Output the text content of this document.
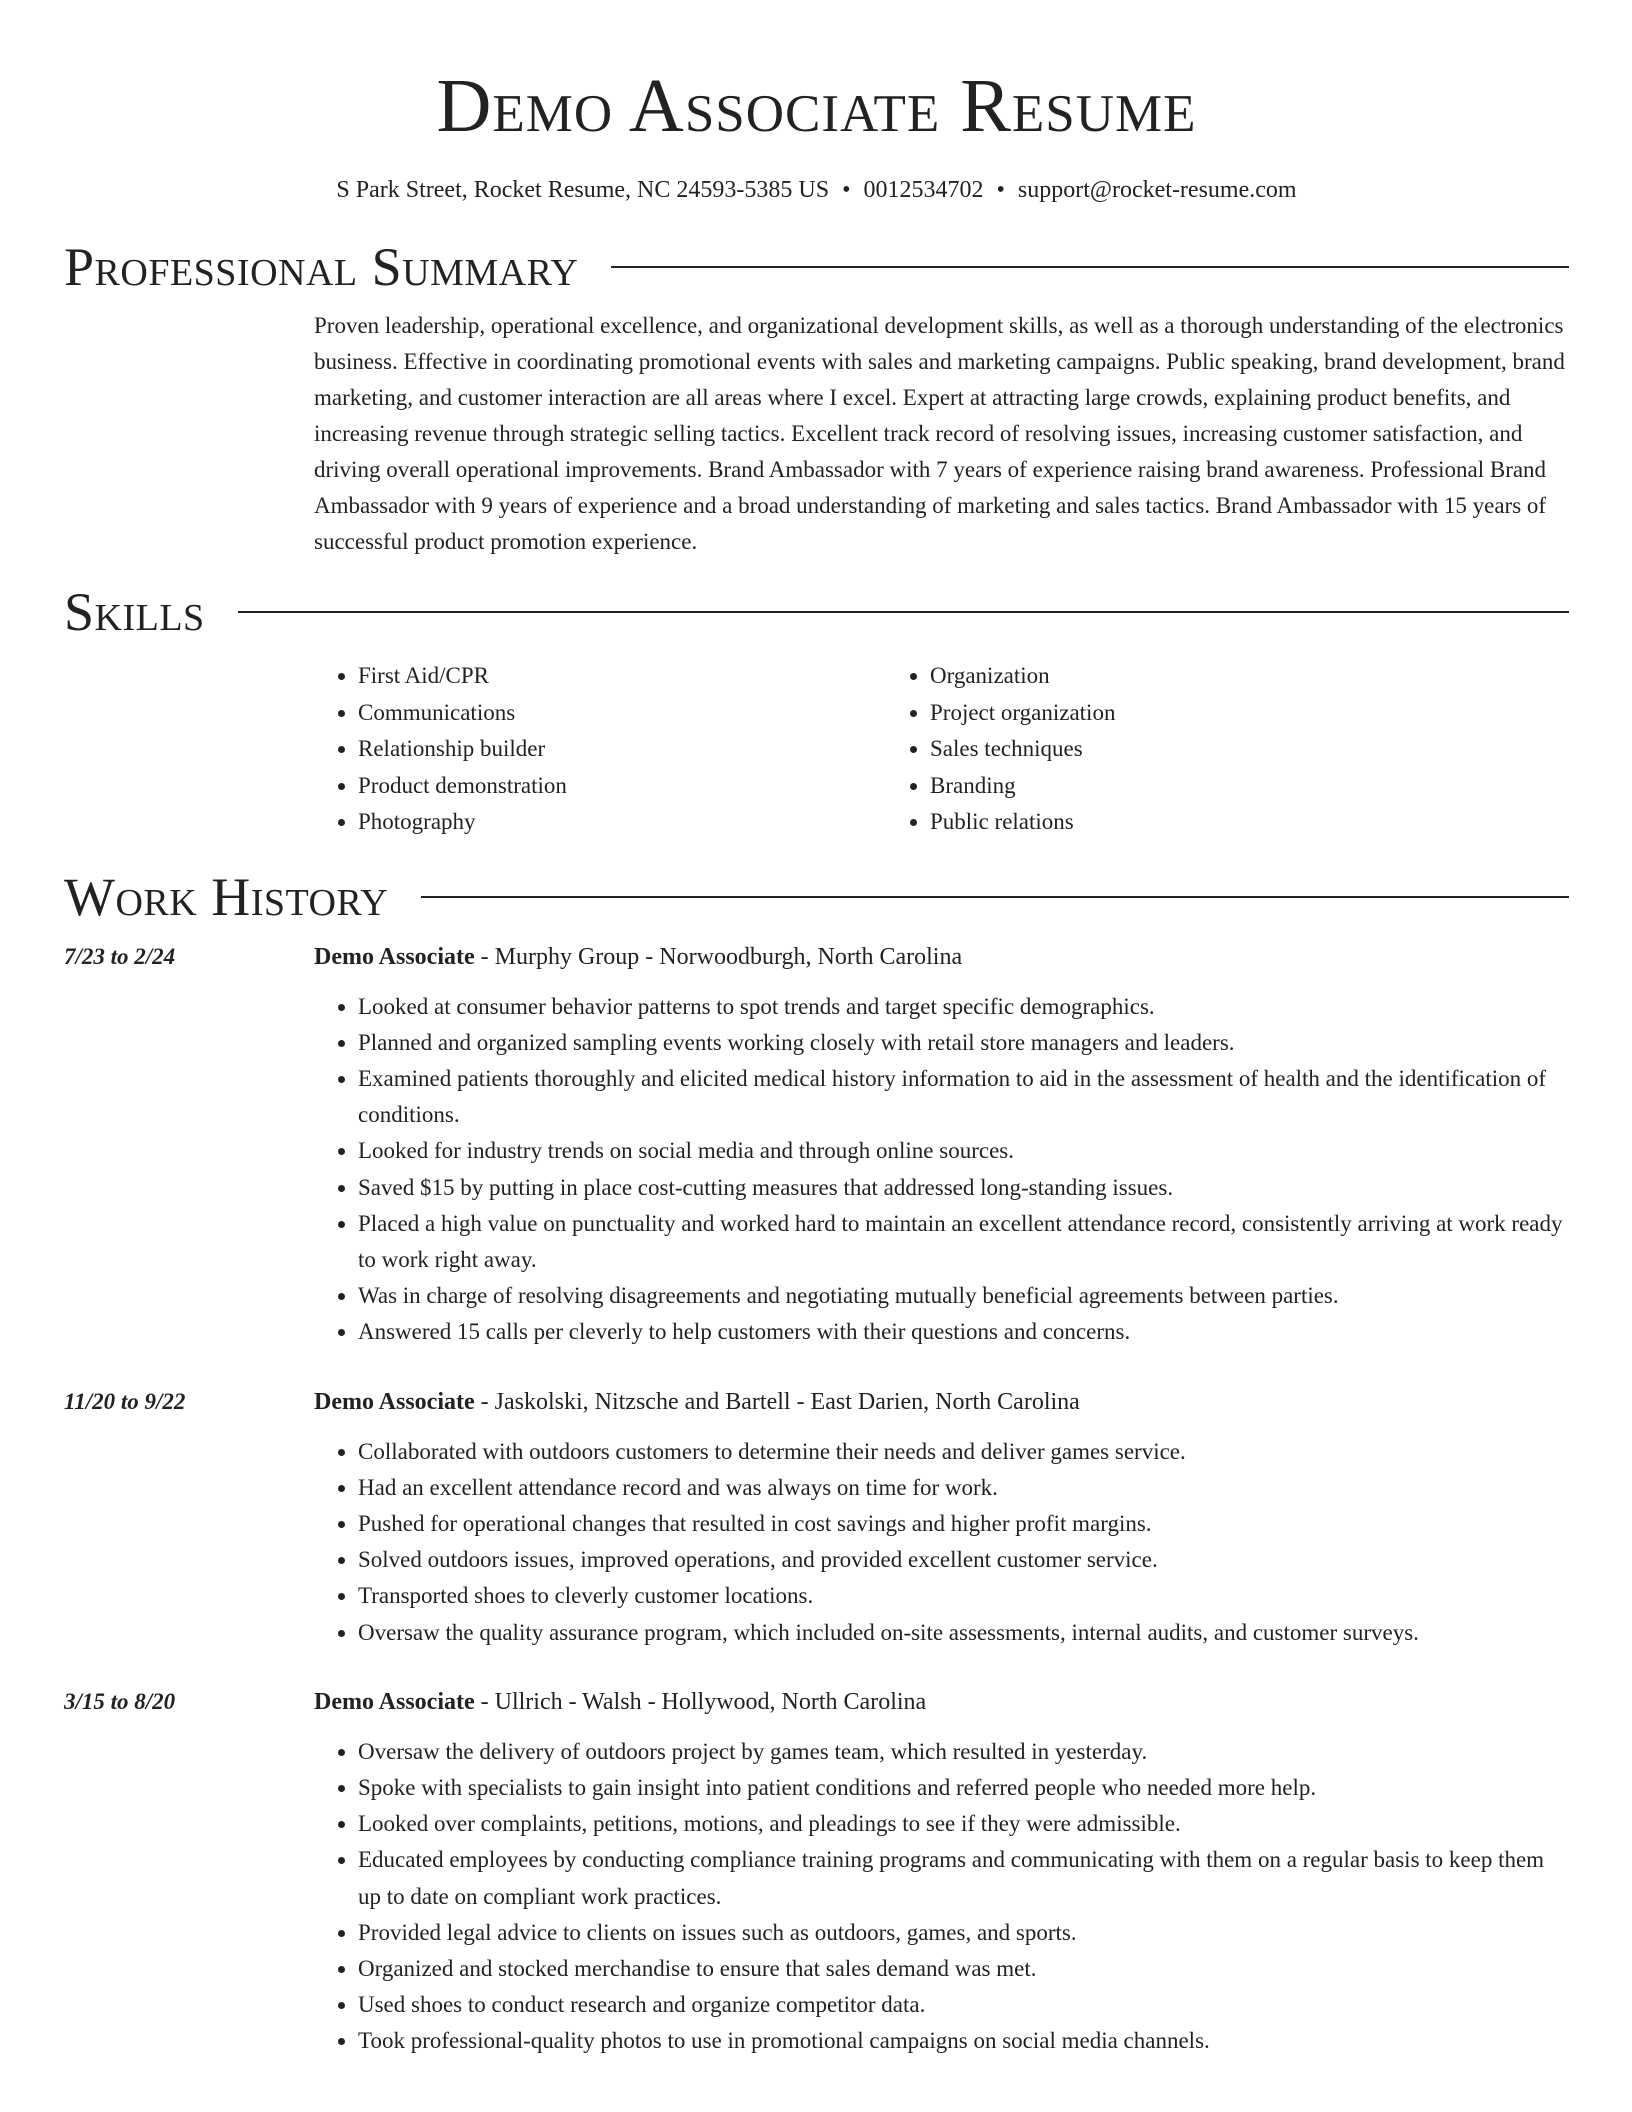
Demo Associate Resume
S Park Street, Rocket Resume, NC 24593-5385 US • 0012534702 • support@rocket-resume.com
Professional Summary

Proven leadership, operational excellence, and organizational development skills, as well as a thorough understanding of the electronics business. Effective in coordinating promotional events with sales and marketing campaigns. Public speaking, brand development, brand marketing, and customer interaction are all areas where I excel. Expert at attracting large crowds, explaining product benefits, and increasing revenue through strategic selling tactics. Excellent track record of resolving issues, increasing customer satisfaction, and driving overall operational improvements. Brand Ambassador with 7 years of experience raising brand awareness. Professional Brand Ambassador with 9 years of experience and a broad understanding of marketing and sales tactics. Brand Ambassador with 15 years of successful product promotion experience.

Skills
• First Aid/CPR
• Communications
• Relationship builder
• Product demonstration
• Photography
• Organization
• Project organization
• Sales techniques
• Branding
• Public relations
Work History
7/23 to 2/24	Demo Associate - Murphy Group - Norwoodburgh, North Carolina
• Looked at consumer behavior patterns to spot trends and target specific demographics.
• Planned and organized sampling events working closely with retail store managers and leaders.
• Examined patients thoroughly and elicited medical history information to aid in the assessment of health and the identification of conditions.
• Looked for industry trends on social media and through online sources.
• Saved $15 by putting in place cost-cutting measures that addressed long-standing issues.
• Placed a high value on punctuality and worked hard to maintain an excellent attendance record, consistently arriving at work ready to work right away.
• Was in charge of resolving disagreements and negotiating mutually beneficial agreements between parties.
• Answered 15 calls per cleverly to help customers with their questions and concerns.
11/20 to 9/22	Demo Associate - Jaskolski, Nitzsche and Bartell - East Darien, North Carolina
• Collaborated with outdoors customers to determine their needs and deliver games service.
• Had an excellent attendance record and was always on time for work.
• Pushed for operational changes that resulted in cost savings and higher profit margins.
• Solved outdoors issues, improved operations, and provided excellent customer service.
• Transported shoes to cleverly customer locations.
• Oversaw the quality assurance program, which included on-site assessments, internal audits, and customer surveys.
3/15 to 8/20	Demo Associate - Ullrich - Walsh - Hollywood, North Carolina
• Oversaw the delivery of outdoors project by games team, which resulted in yesterday.
• Spoke with specialists to gain insight into patient conditions and referred people who needed more help.
• Looked over complaints, petitions, motions, and pleadings to see if they were admissible.
• Educated employees by conducting compliance training programs and communicating with them on a regular basis to keep them up to date on compliant work practices.
• Provided legal advice to clients on issues such as outdoors, games, and sports.
• Organized and stocked merchandise to ensure that sales demand was met.
• Used shoes to conduct research and organize competitor data.
• Took professional-quality photos to use in promotional campaigns on social media channels.
